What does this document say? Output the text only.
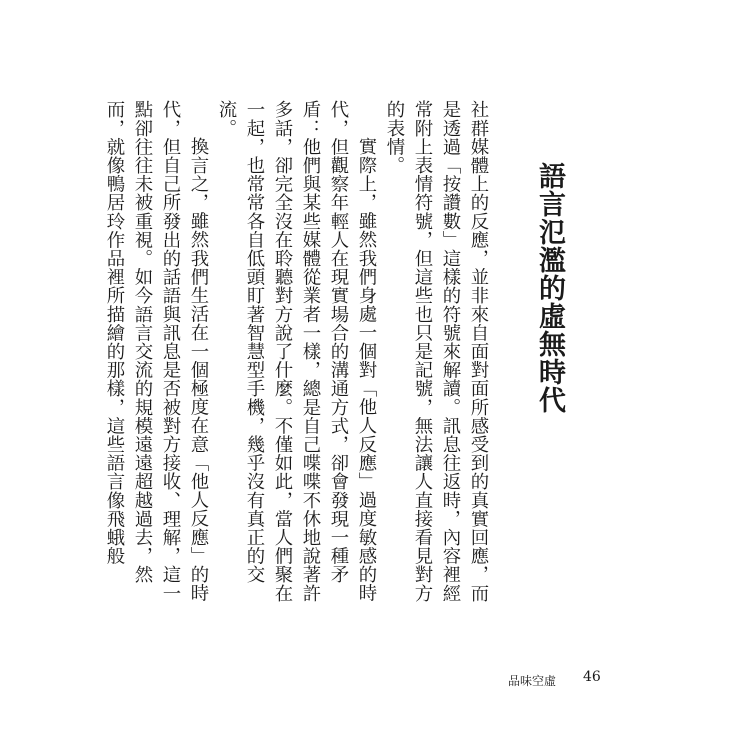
語言氾濫的虛無時代

社群媒體上的反應，並非來自面對面所感受到的真實回應，而是透過「按讚數」這樣的符號來解讀。訊息往返時，內容裡經常附上表情符號，但這些也只是記號，無法讓人直接看見對方的表情。

實際上，雖然我們身處一個對「他人反應」過度敏感的時代，但觀察年輕人在現實場合的溝通方式，卻會發現一種矛盾：他們與某些媒體從業者一樣，總是自己喋喋不休地說著許多話，卻完全沒在聆聽對方說了什麼。不僅如此，當人們聚在一起，也常常各自低頭盯著智慧型手機，幾乎沒有真正的交流。

換言之，雖然我們生活在一個極度在意「他人反應」的時代，但自己所發出的話語與訊息是否被對方接收、理解，這一點卻往往未被重視。如今語言交流的規模遠遠超越過去，然而，就像鴨居玲作品裡所描繪的那樣，這些語言像飛蛾般

品味空虛 46
